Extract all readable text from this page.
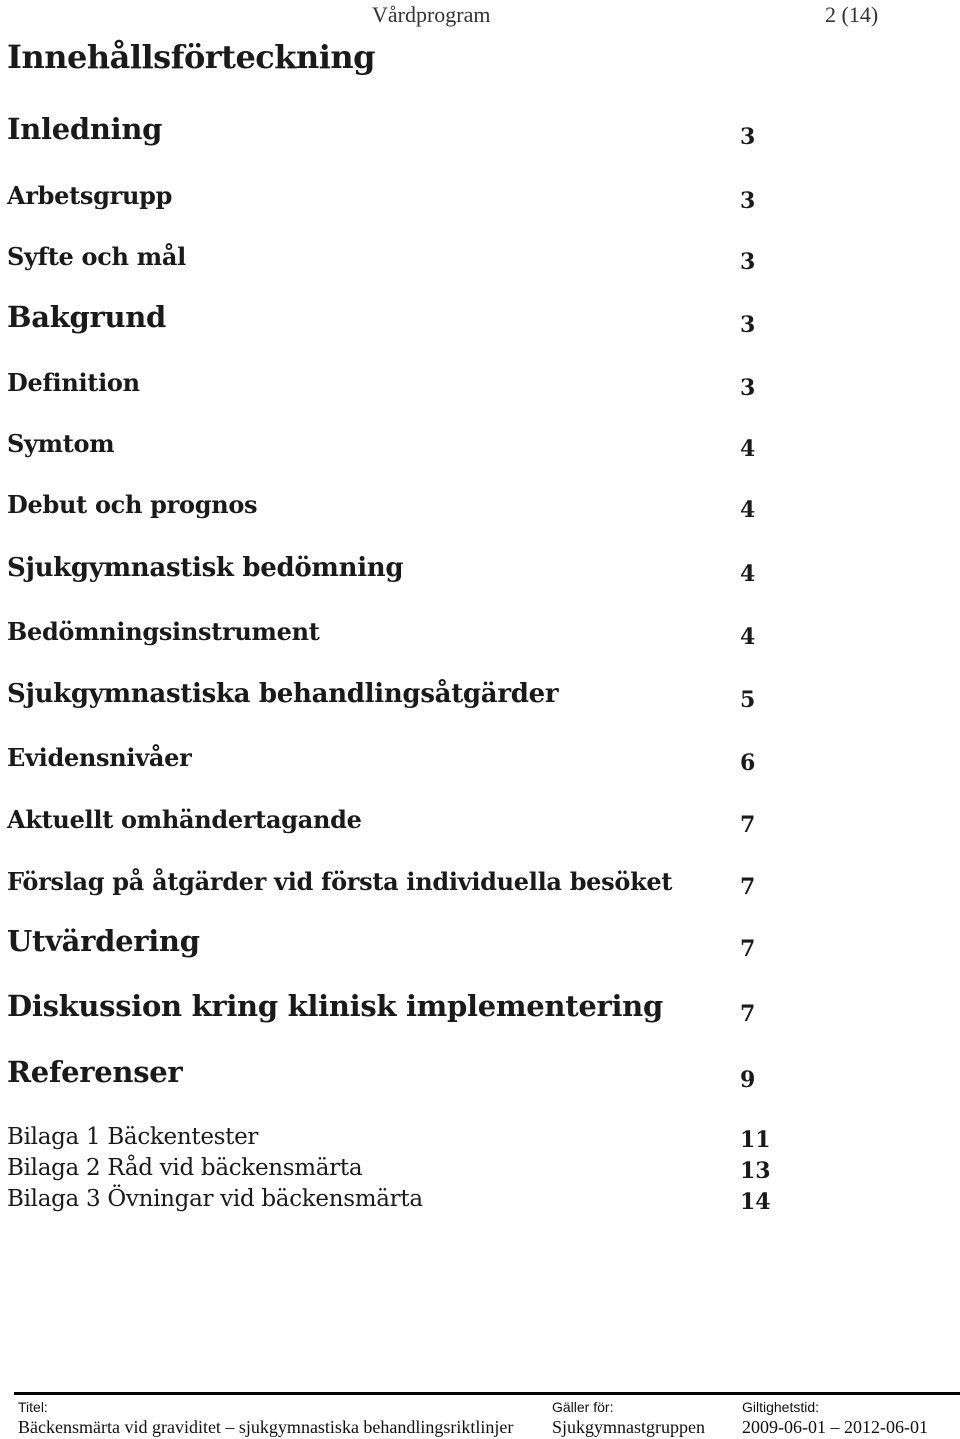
Vårdprogram	2 (14)
Innehållsförteckning
Inledning	3
Arbetsgrupp	3
Syfte och mål	3
Bakgrund	3
Definition	3
Symtom	4
Debut och prognos	4
Sjukgymnastisk bedömning	4
Bedömningsinstrument	4
Sjukgymnastiska behandlingsåtgärder	5
Evidensnivåer	6
Aktuellt omhändertagande	7
Förslag på åtgärder vid första individuella besöket	7
Utvärdering	7
Diskussion kring klinisk implementering	7
Referenser	9
Bilaga 1 Bäckentester	11
Bilaga 2 Råd vid bäckensmärta	13
Bilaga 3 Övningar vid bäckensmärta	14
Titel:
Bäckensmärta vid graviditet – sjukgymnastiska behandlingsriktlinjer
Gäller för:
Sjukgymnastgruppen
Giltighetstid:
2009-06-01 – 2012-06-01
